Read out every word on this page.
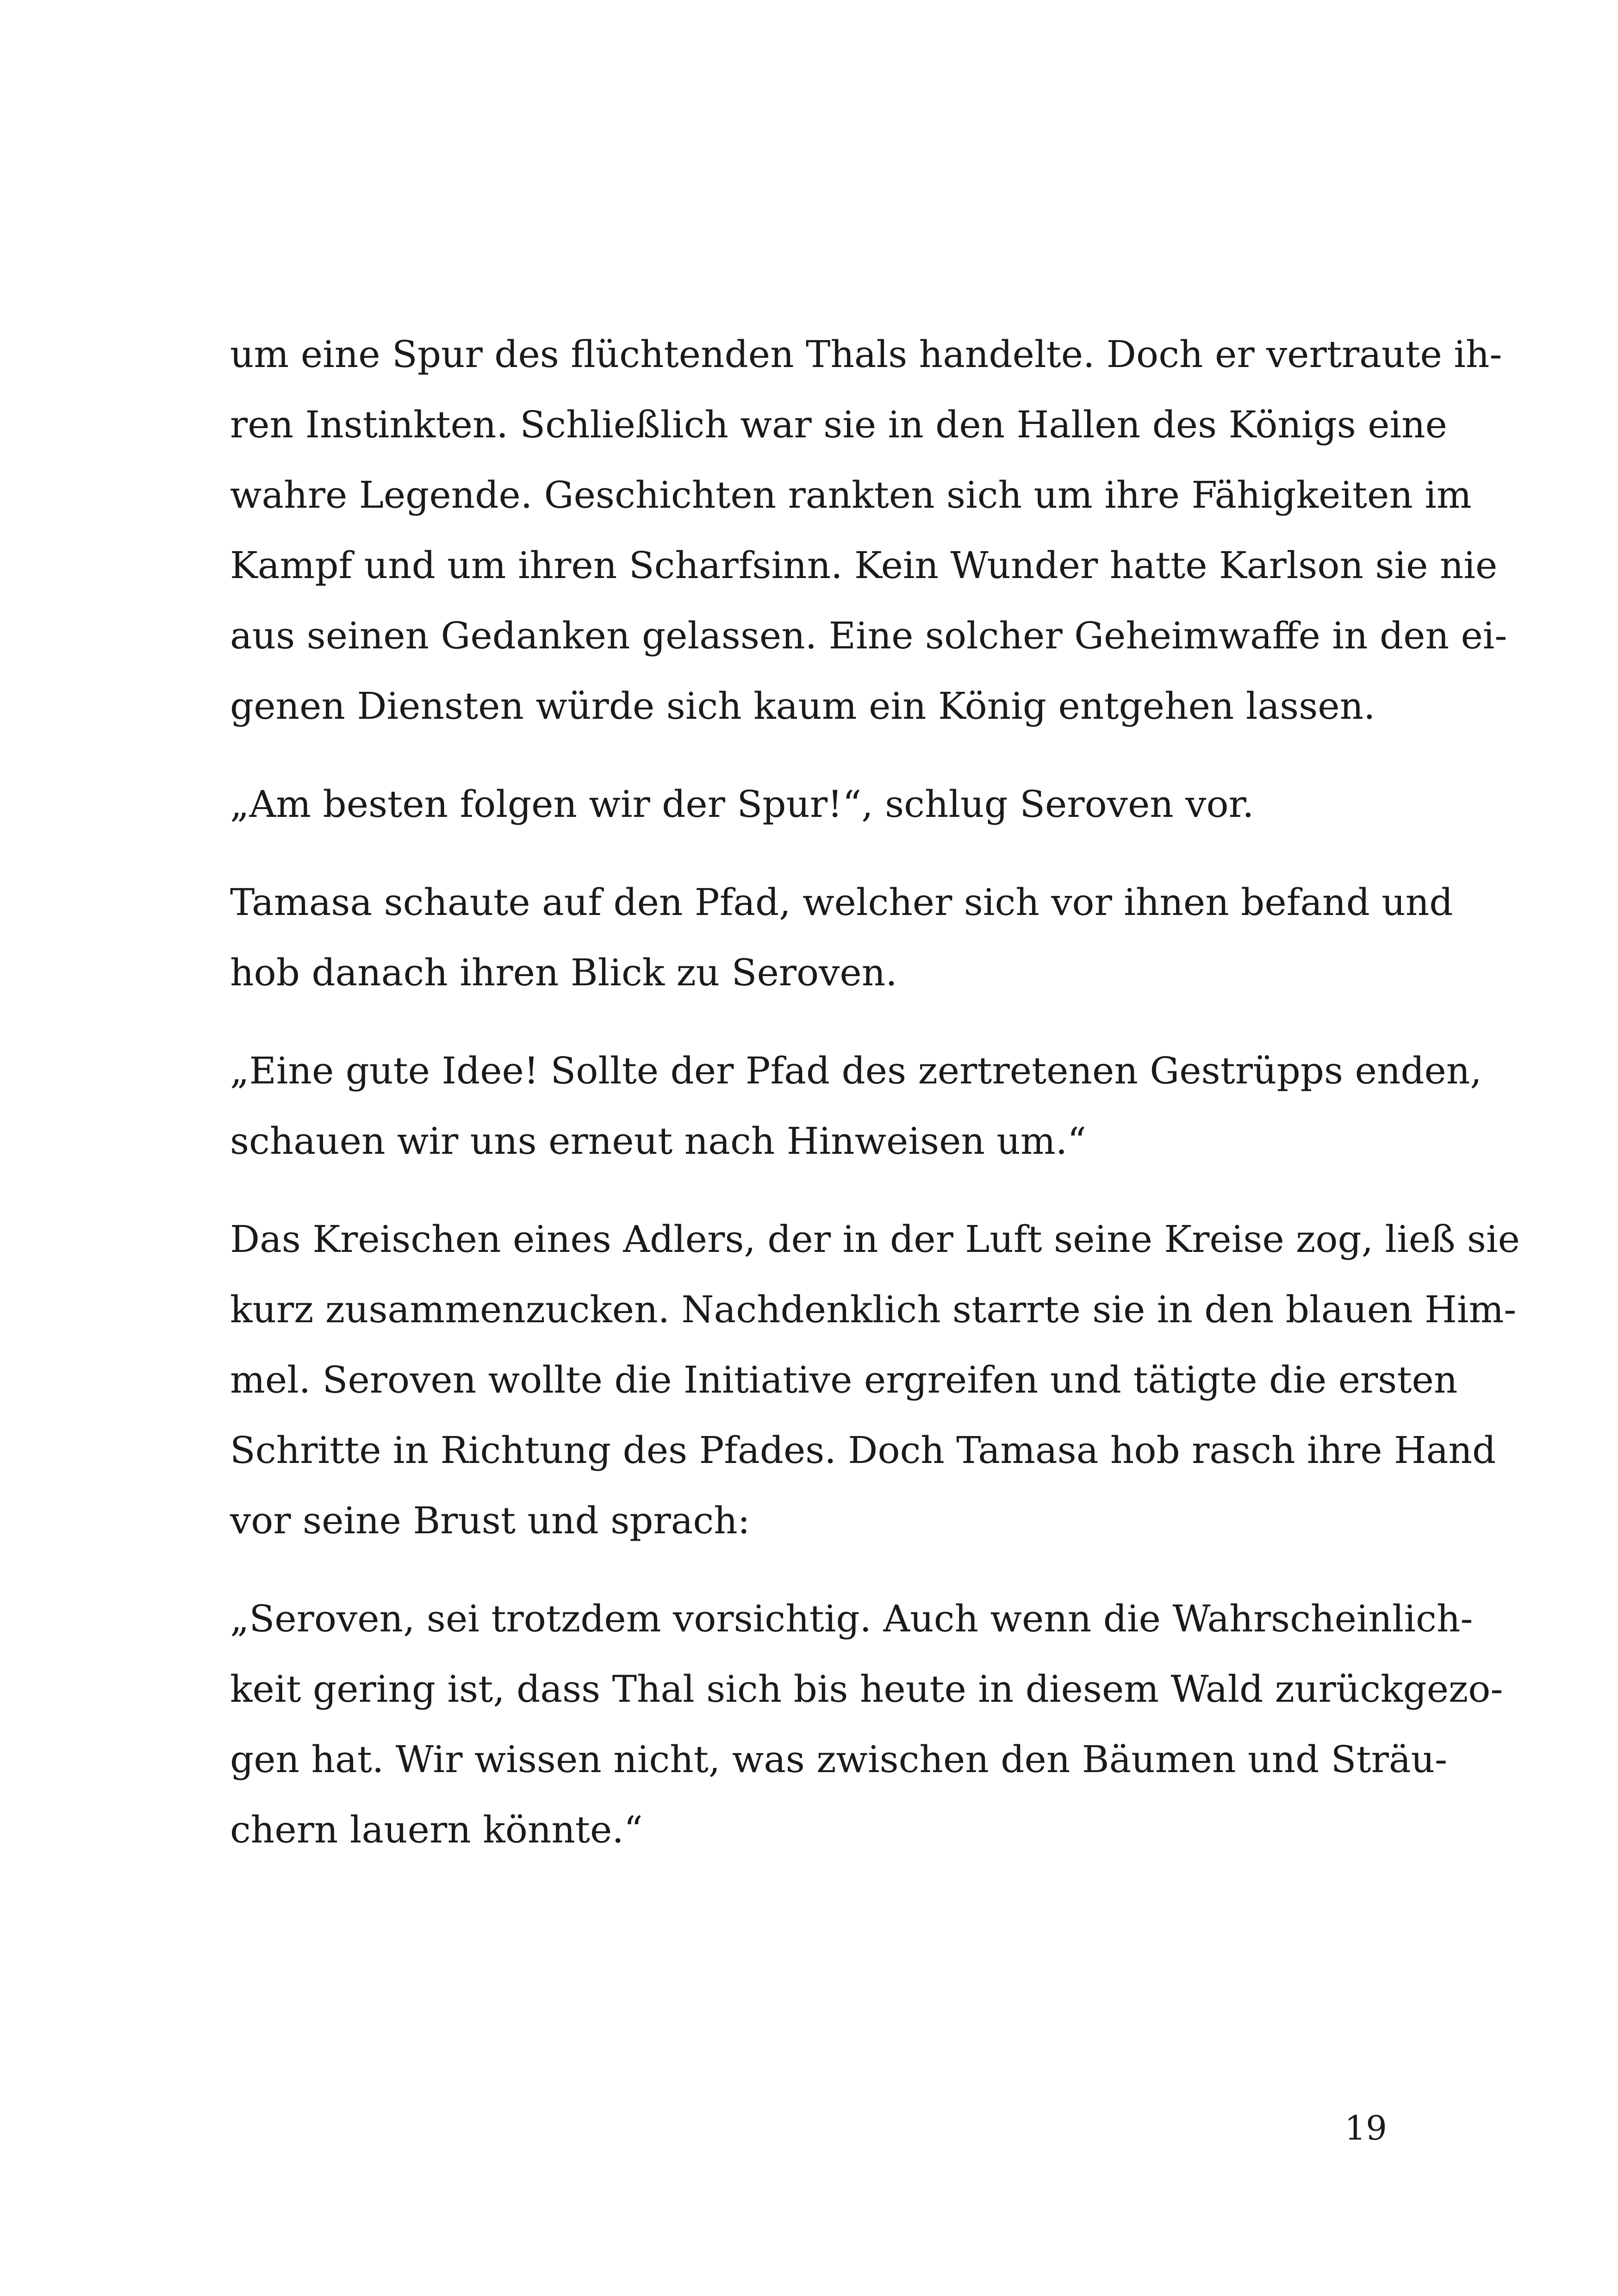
um eine Spur des flüchtenden Thals handelte. Doch er vertraute ih-
ren Instinkten. Schließlich war sie in den Hallen des Königs eine
wahre Legende. Geschichten rankten sich um ihre Fähigkeiten im
Kampf und um ihren Scharfsinn. Kein Wunder hatte Karlson sie nie
aus seinen Gedanken gelassen. Eine solcher Geheimwaffe in den ei-
genen Diensten würde sich kaum ein König entgehen lassen.

„Am besten folgen wir der Spur!“, schlug Seroven vor.

Tamasa schaute auf den Pfad, welcher sich vor ihnen befand und
hob danach ihren Blick zu Seroven.

„Eine gute Idee! Sollte der Pfad des zertretenen Gestrüpps enden,
schauen wir uns erneut nach Hinweisen um.“

Das Kreischen eines Adlers, der in der Luft seine Kreise zog, ließ sie
kurz zusammenzucken. Nachdenklich starrte sie in den blauen Him-
mel. Seroven wollte die Initiative ergreifen und tätigte die ersten
Schritte in Richtung des Pfades. Doch Tamasa hob rasch ihre Hand
vor seine Brust und sprach:

„Seroven, sei trotzdem vorsichtig. Auch wenn die Wahrscheinlich-
keit gering ist, dass Thal sich bis heute in diesem Wald zurückgezo-
gen hat. Wir wissen nicht, was zwischen den Bäumen und Sträu-
chern lauern könnte.“

19
